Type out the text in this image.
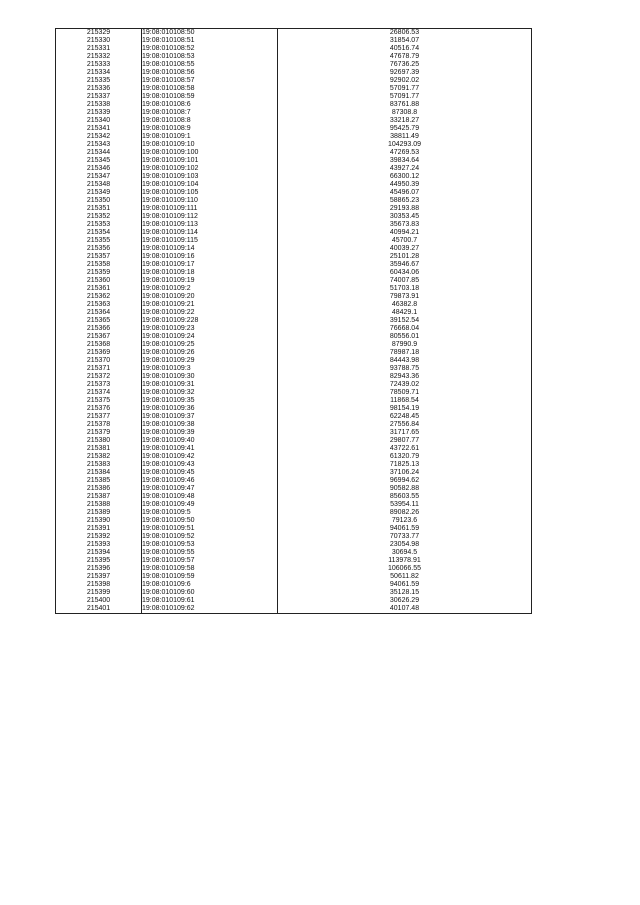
215329	19:08:010108:50	26806.53
215330	19:08:010108:51	31854.07
215331	19:08:010108:52	40516.74
215332	19:08:010108:53	47678.79
215333	19:08:010108:55	76736.25
215334	19:08:010108:56	92697.39
215335	19:08:010108:57	92902.02
215336	19:08:010108:58	57091.77
215337	19:08:010108:59	57091.77
215338	19:08:010108:6	83761.88
215339	19:08:010108:7	87308.8
215340	19:08:010108:8	33218.27
215341	19:08:010108:9	95425.79
215342	19:08:010109:1	38811.49
215343	19:08:010109:10	104293.09
215344	19:08:010109:100	47269.53
215345	19:08:010109:101	39834.64
215346	19:08:010109:102	43927.24
215347	19:08:010109:103	66300.12
215348	19:08:010109:104	44950.39
215349	19:08:010109:105	45496.07
215350	19:08:010109:110	58865.23
215351	19:08:010109:111	29193.88
215352	19:08:010109:112	30353.45
215353	19:08:010109:113	35673.83
215354	19:08:010109:114	40994.21
215355	19:08:010109:115	45700.7
215356	19:08:010109:14	40039.27
215357	19:08:010109:16	25101.28
215358	19:08:010109:17	35946.67
215359	19:08:010109:18	60434.06
215360	19:08:010109:19	74007.85
215361	19:08:010109:2	51703.18
215362	19:08:010109:20	79873.91
215363	19:08:010109:21	46382.8
215364	19:08:010109:22	48429.1
215365	19:08:010109:228	39152.54
215366	19:08:010109:23	76668.04
215367	19:08:010109:24	80556.01
215368	19:08:010109:25	87990.9
215369	19:08:010109:26	78987.18
215370	19:08:010109:29	84443.98
215371	19:08:010109:3	93788.75
215372	19:08:010109:30	82943.36
215373	19:08:010109:31	72439.02
215374	19:08:010109:32	78509.71
215375	19:08:010109:35	11868.54
215376	19:08:010109:36	98154.19
215377	19:08:010109:37	62248.45
215378	19:08:010109:38	27556.84
215379	19:08:010109:39	31717.65
215380	19:08:010109:40	29807.77
215381	19:08:010109:41	43722.61
215382	19:08:010109:42	61320.79
215383	19:08:010109:43	71825.13
215384	19:08:010109:45	37106.24
215385	19:08:010109:46	96994.62
215386	19:08:010109:47	90582.88
215387	19:08:010109:48	85603.55
215388	19:08:010109:49	53954.11
215389	19:08:010109:5	89082.26
215390	19:08:010109:50	79123.6
215391	19:08:010109:51	94061.59
215392	19:08:010109:52	70733.77
215393	19:08:010109:53	23054.98
215394	19:08:010109:55	30694.5
215395	19:08:010109:57	113978.91
215396	19:08:010109:58	106066.55
215397	19:08:010109:59	50611.82
215398	19:08:010109:6	94061.59
215399	19:08:010109:60	35128.15
215400	19:08:010109:61	30626.29
215401	19:08:010109:62	40107.48
